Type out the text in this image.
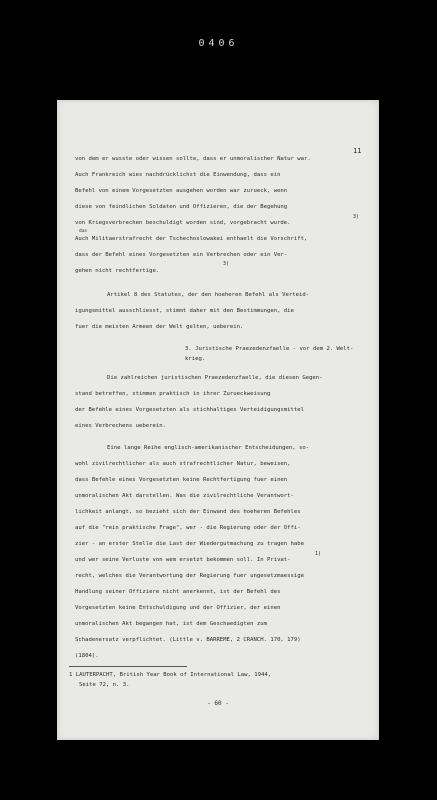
0406
11
von dem er wusste oder wissen sollte, dass er unmoralischer Natur war.
Auch Frankreich wies nachdrücklichst die Einwendung, dass ein
Befehl von einem Vorgesetzten ausgehen worden war zurueck, wenn
diese von feindlichen Soldaten und Offizieren, die der Begehung
von Kriegsverbrechen beschuldigt worden sind, vorgebracht wurde.
3)
das
Auch Militaerstrafrecht der Tschechoslowakei enthaelt die Vorschrift,
dass der Befehl eines Vorgesetzten ein Verbrechen oder ein Ver-
gehen nicht rechtfertige.
3)
Artikel 8 des Statutes, der den hoeheren Befehl als Verteid-
igungsmittel ausschliesst, stimmt daher mit den Bestimmungen, die
fuer die meisten Armeen der Welt gelten, ueberein.
3. Juristische Praezedenzfaelle - vor dem 2. Welt-
krieg.
Die zahlreichen juristischen Praezedenzfaelle, die diesen Gegen-
stand betreffen, stimmen praktisch in ihrer Zurueckweisung
der Befehle eines Vorgesetzten als stichhaltiges Verteidigungsmittel
eines Verbrechens ueberein.
Eine lange Reihe englisch-amerikanischer Entscheidungen, so-
wohl zivilrechtlicher als auch strafrechtlicher Natur, beweisen,
dass Befehle eines Vorgesetzten keine Rechtfertigung fuer einen
unmoralischen Akt darstellen. Was die zivilrechtliche Verantwort-
lichkeit anlangt, so bezieht sich der Einwand des hoeheren Befehles
auf die "rein praktische Frage", wer - die Regierung oder der Offi-
zier - an erster Stelle die Last der Wiedergutmachung zu tragen habe
und wer seine Verluste von wem ersetzt bekommen soll. In Privat-
1)
recht, welches die Verantwortung der Regierung fuer ungesetzmaessige
Handlung seiner Offiziere nicht anerkennt, ist der Befehl des
Vorgesetzten keine Entschuldigung und der Offizier, der einen
unmoralischen Akt begangen hat, ist dem Geschaedigten zum
Schadenersatz verpflichtet. (Little v. BARREME, 2 CRANCH. 170, 179)
(1804).
1 LAUTERPACHT, British Year Book of International Law, 1944,
Seite 72, n. 3.
- 60 -
